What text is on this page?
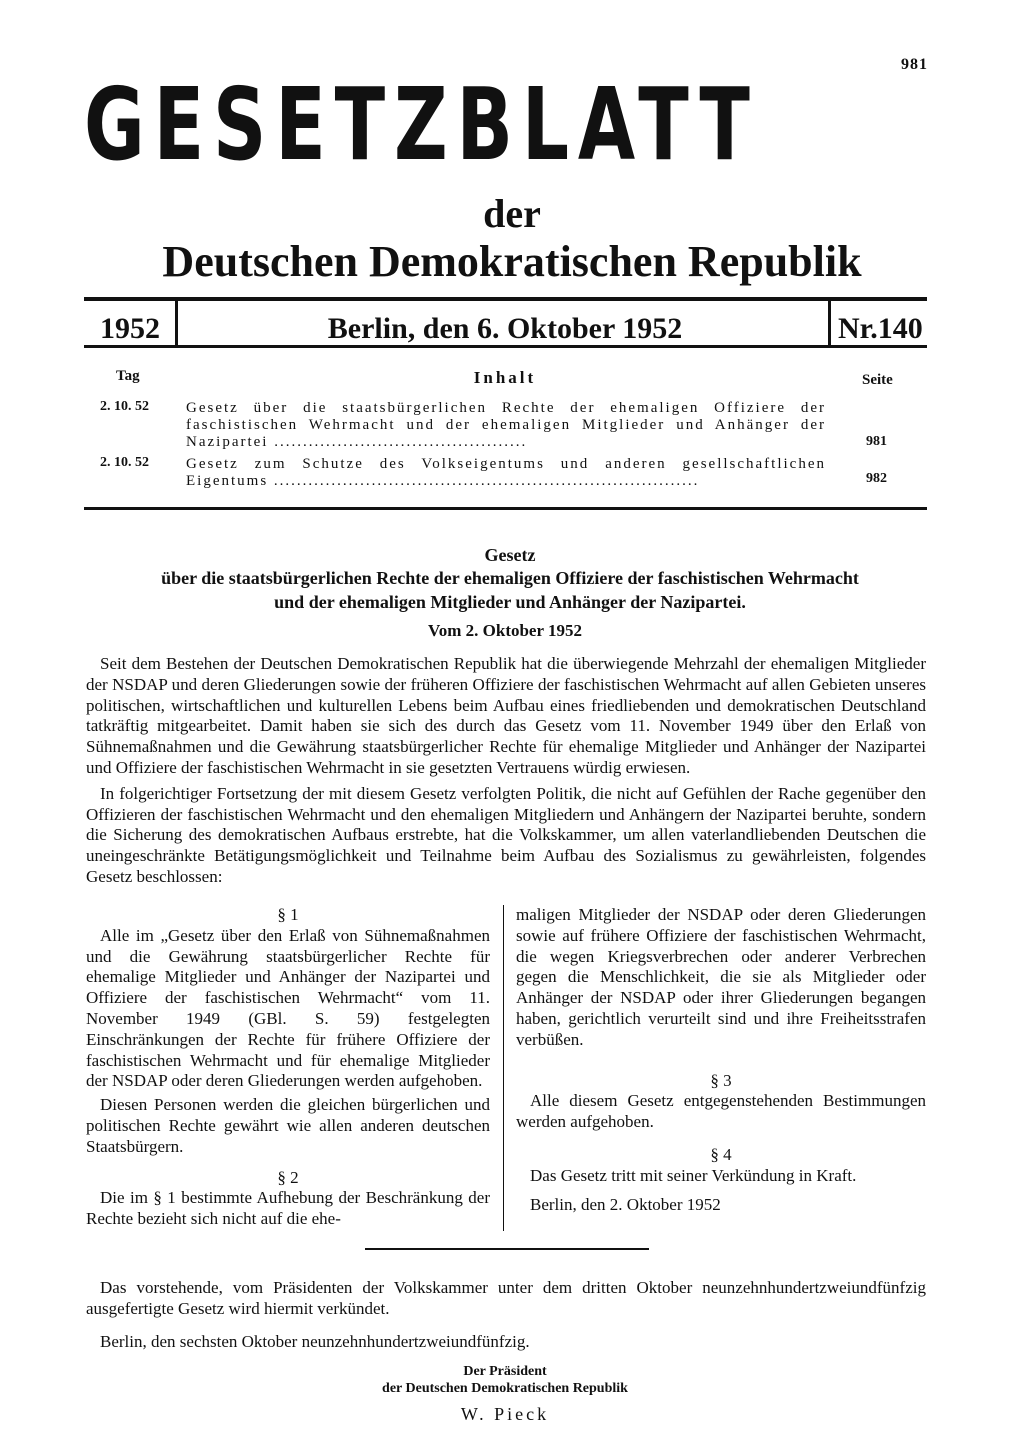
981
GESETZBLATT
der
Deutschen Demokratischen Republik
1952	Berlin, den 6. Oktober 1952	Nr.140
Tag	Inhalt	Seite
2. 10. 52 Gesetz über die staatsbürgerlichen Rechte der ehemaligen Offiziere der faschistischen Wehrmacht und der ehemaligen Mitglieder und Anhänger der Nazipartei ............................................	981
2. 10. 52 Gesetz zum Schutze des Volkseigentums und anderen gesellschaftlichen Eigentums ..........................................................................	982
Gesetz
über die staatsbürgerlichen Rechte der ehemaligen Offiziere der faschistischen Wehrmacht
und der ehemaligen Mitglieder und Anhänger der Nazipartei.
Vom 2. Oktober 1952

Seit dem Bestehen der Deutschen Demokratischen Republik hat die überwiegende Mehrzahl der ehemaligen Mitglieder der NSDAP und deren Gliederungen sowie der früheren Offiziere der faschistischen Wehrmacht auf allen Gebieten unseres politischen, wirtschaftlichen und kulturellen Lebens beim Aufbau eines friedliebenden und demokratischen Deutschland tatkräftig mitgearbeitet. Damit haben sie sich des durch das Gesetz vom 11. November 1949 über den Erlaß von Sühnemaßnahmen und die Gewährung staatsbürgerlicher Rechte für ehemalige Mitglieder und Anhänger der Nazipartei und Offiziere der faschistischen Wehrmacht in sie gesetzten Vertrauens würdig erwiesen.

In folgerichtiger Fortsetzung der mit diesem Gesetz verfolgten Politik, die nicht auf Gefühlen der Rache gegenüber den Offizieren der faschistischen Wehrmacht und den ehemaligen Mitgliedern und Anhängern der Nazipartei beruhte, sondern die Sicherung des demokratischen Aufbaus erstrebte, hat die Volkskammer, um allen vaterlandliebenden Deutschen die uneingeschränkte Betätigungsmöglichkeit und Teilnahme beim Aufbau des Sozialismus zu gewährleisten, folgendes Gesetz beschlossen:

§ 1

Alle im „Gesetz über den Erlaß von Sühnemaßnahmen und die Gewährung staatsbürgerlicher Rechte für ehemalige Mitglieder und Anhänger der Nazipartei und Offiziere der faschistischen Wehrmacht“ vom 11. November 1949 (GBl. S. 59) festgelegten Einschränkungen der Rechte für frühere Offiziere der faschistischen Wehrmacht und für ehemalige Mitglieder der NSDAP oder deren Gliederungen werden aufgehoben.

Diesen Personen werden die gleichen bürgerlichen und politischen Rechte gewährt wie allen anderen deutschen Staatsbürgern.

§ 2

Die im § 1 bestimmte Aufhebung der Beschränkung der Rechte bezieht sich nicht auf die ehe-

maligen Mitglieder der NSDAP oder deren Gliederungen sowie auf frühere Offiziere der faschistischen Wehrmacht, die wegen Kriegsverbrechen oder anderer Verbrechen gegen die Menschlichkeit, die sie als Mitglieder oder Anhänger der NSDAP oder ihrer Gliederungen begangen haben, gerichtlich verurteilt sind und ihre Freiheitsstrafen verbüßen.

§ 3

Alle diesem Gesetz entgegenstehenden Bestimmungen werden aufgehoben.

§ 4

Das Gesetz tritt mit seiner Verkündung in Kraft.

Berlin, den 2. Oktober 1952

Das vorstehende, vom Präsidenten der Volkskammer unter dem dritten Oktober neunzehnhundertzweiundfünfzig ausgefertigte Gesetz wird hiermit verkündet.

Berlin, den sechsten Oktober neunzehnhundertzweiundfünfzig.

Der Präsident
der Deutschen Demokratischen Republik
W. Pieck
